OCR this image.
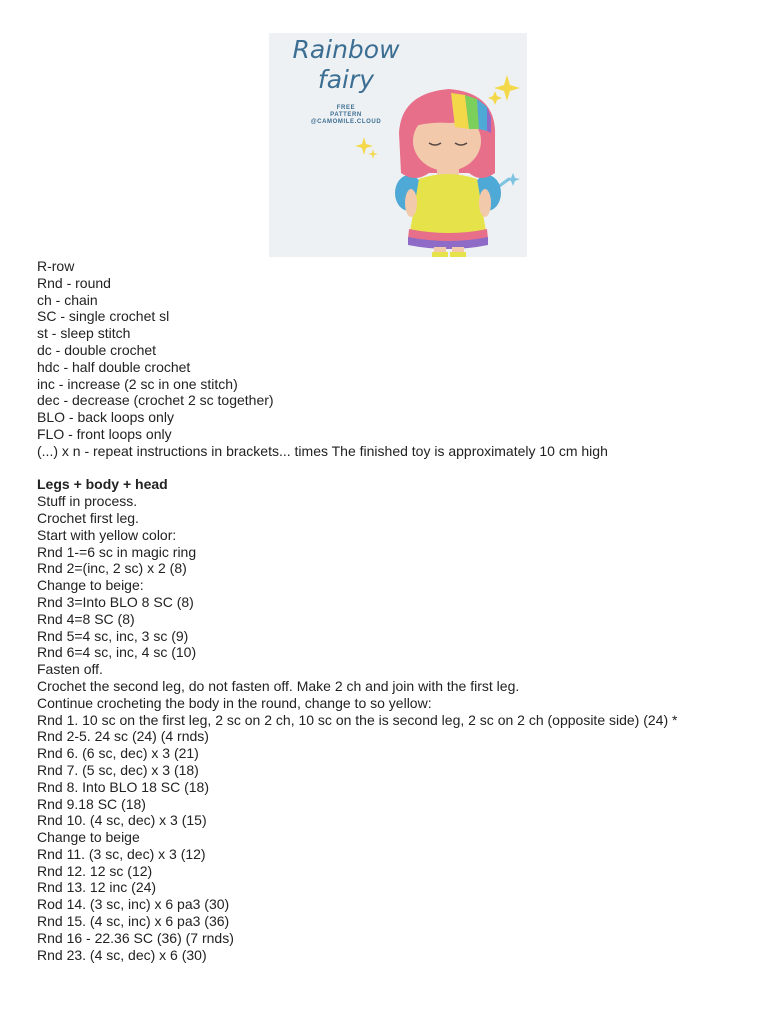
Rainbow
fairy
FREE
PATTERN
@CAMOMILE.CLOUD
R-row
Rnd - round
ch - chain
SC - single crochet sl
st - sleep stitch
dc - double crochet
hdc - half double crochet
inc - increase (2 sc in one stitch)
dec - decrease (crochet 2 sc together)
BLO - back loops only
FLO - front loops only
(...) x n - repeat instructions in brackets... times The finished toy is approximately 10 cm high
Legs + body + head
Stuff in process.
Crochet first leg.
Start with yellow color:
Rnd 1-=6 sc in magic ring
Rnd 2=(inc, 2 sc) x 2 (8)
Change to beige:
Rnd 3=Into BLO 8 SC (8)
Rnd 4=8 SC (8)
Rnd 5=4 sc, inc, 3 sc (9)
Rnd 6=4 sc, inc, 4 sc (10)
Fasten off.
Crochet the second leg, do not fasten off. Make 2 ch and join with the first leg.
Continue crocheting the body in the round, change to so yellow:
Rnd 1. 10 sc on the first leg, 2 sc on 2 ch, 10 sc on the is second leg, 2 sc on 2 ch (opposite side) (24) *
Rnd 2-5. 24 sc (24) (4 rnds)
Rnd 6. (6 sc, dec) x 3 (21)
Rnd 7. (5 sc, dec) x 3 (18)
Rnd 8. Into BLO 18 SC (18)
Rnd 9.18 SC (18)
Rnd 10. (4 sc, dec) x 3 (15)
Change to beige
Rnd 11. (3 sc, dec) x 3 (12)
Rnd 12. 12 sc (12)
Rnd 13. 12 inc (24)
Rod 14. (3 sc, inc) x 6 pa3 (30)
Rnd 15. (4 sc, inc) x 6 pa3 (36)
Rnd 16 - 22.36 SC (36) (7 rnds)
Rnd 23. (4 sc, dec) x 6 (30)
